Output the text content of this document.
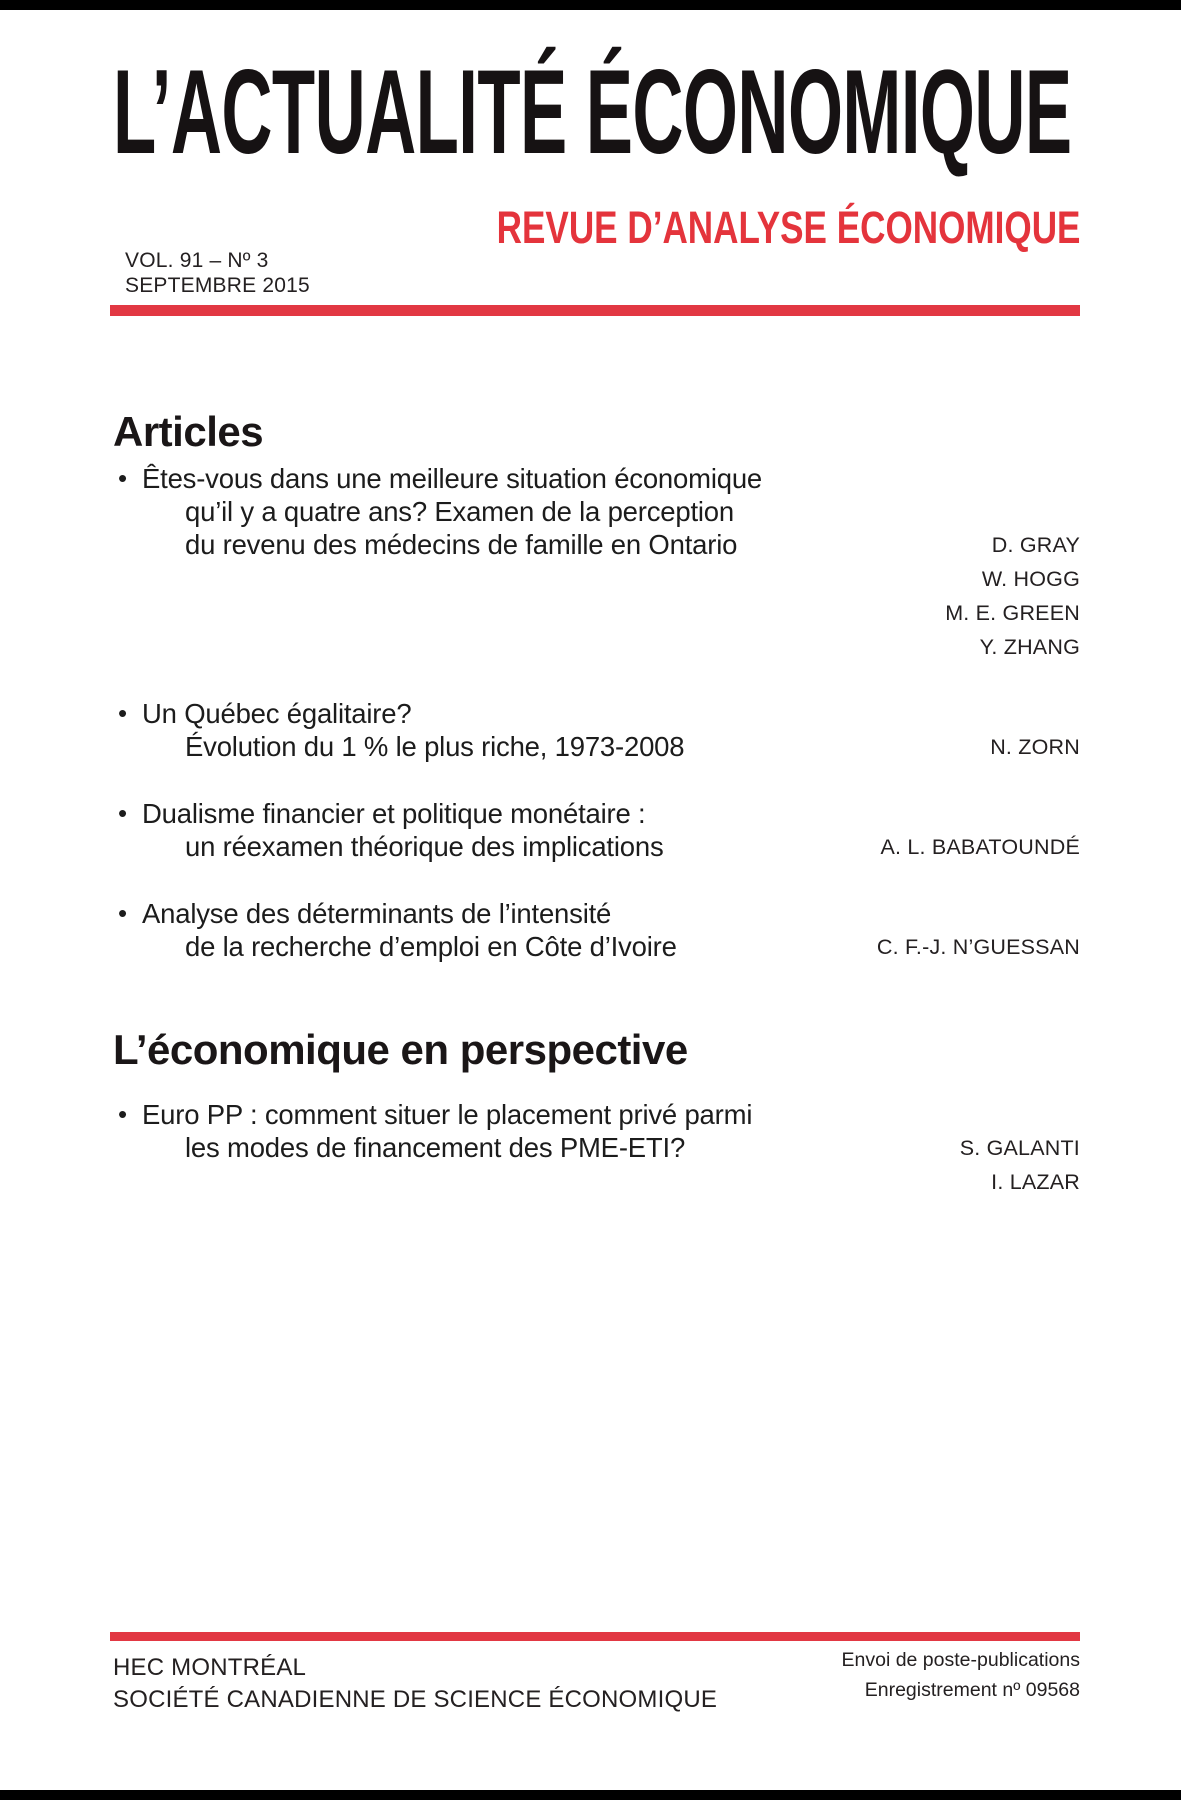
L’ACTUALITÉ ÉCONOMIQUE
REVUE D’ANALYSE ÉCONOMIQUE
VOL. 91 – Nº 3
SEPTEMBRE 2015
Articles
• Êtes-vous dans une meilleure situation économique
qu’il y a quatre ans? Examen de la perception
du revenu des médecins de famille en Ontario	D. GRAY
W. HOGG
M. E. GREEN
Y. ZHANG
• Un Québec égalitaire?
Évolution du 1 % le plus riche, 1973-2008	N. ZORN
• Dualisme financier et politique monétaire :
un réexamen théorique des implications	A. L. BABATOUNDÉ
• Analyse des déterminants de l’intensité
de la recherche d’emploi en Côte d’Ivoire	C. F.-J. N’GUESSAN
L’économique en perspective
• Euro PP : comment situer le placement privé parmi
les modes de financement des PME-ETI?	S. GALANTI
I. LAZAR
HEC MONTRÉAL
SOCIÉTÉ CANADIENNE DE SCIENCE ÉCONOMIQUE
Envoi de poste-publications
Enregistrement nº 09568
